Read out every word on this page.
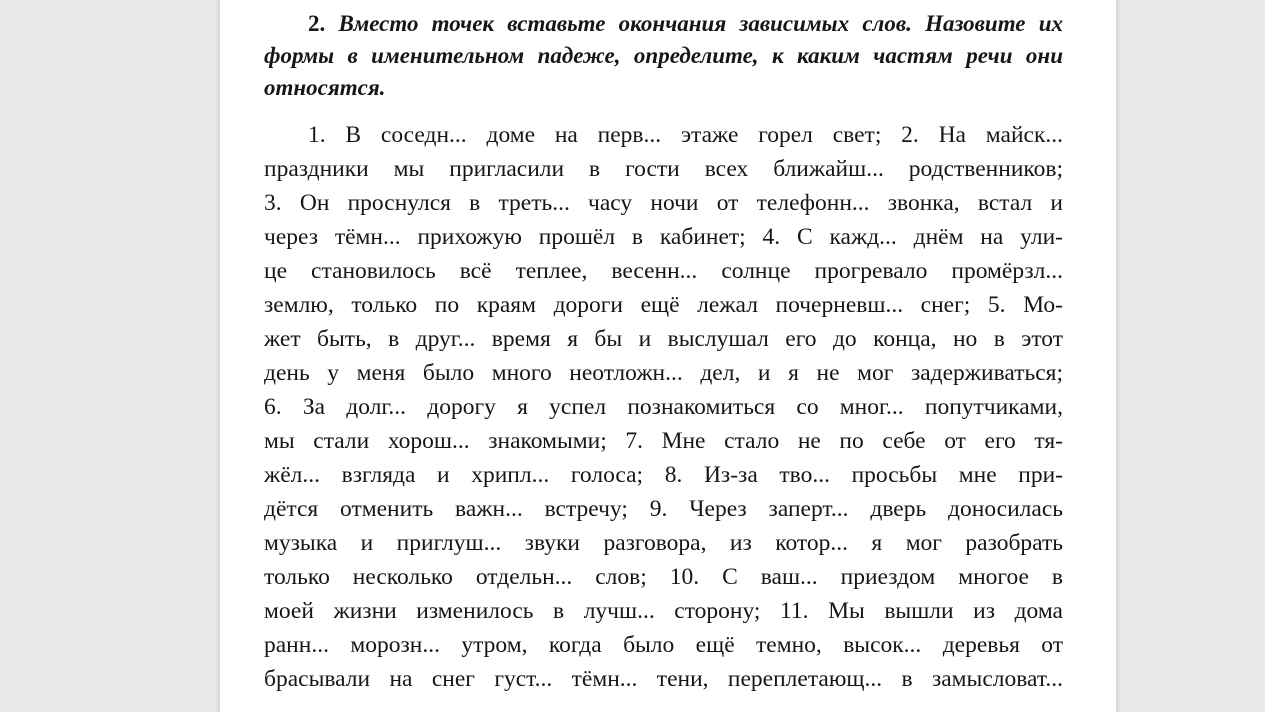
2. Вместо точек вставьте окончания зависимых слов. Назовите их формы в именительном падеже, определите, к каким частям речи они относятся.

1. В соседн... доме на перв... этаже горел свет; 2. На майск...
праздники мы пригласили в гости всех ближайш... родственников;
3. Он проснулся в треть... часу ночи от телефонн... звонка, встал и
через тёмн... прихожую прошёл в кабинет; 4. С кажд... днём на ули-
це становилось всё теплее, весенн... солнце прогревало промёрзл...
землю, только по краям дороги ещё лежал почерневш... снег; 5. Мо-
жет быть, в друг... время я бы и выслушал его до конца, но в этот
день у меня было много неотложн... дел, и я не мог задерживаться;
6. За долг... дорогу я успел познакомиться со мног... попутчиками,
мы стали хорош... знакомыми; 7. Мне стало не по себе от его тя-
жёл... взгляда и хрипл... голоса; 8. Из-за тво... просьбы мне при-
дётся отменить важн... встречу; 9. Через заперт... дверь доносилась
музыка и приглуш... звуки разговора, из котор... я мог разобрать
только несколько отдельн... слов; 10. С ваш... приездом многое в
моей жизни изменилось в лучш... сторону; 11. Мы вышли из дома
ранн... морозн... утром, когда было ещё темно, высок... деревья от
брасывали на снег густ... тёмн... тени, переплетающ... в замысловат...
